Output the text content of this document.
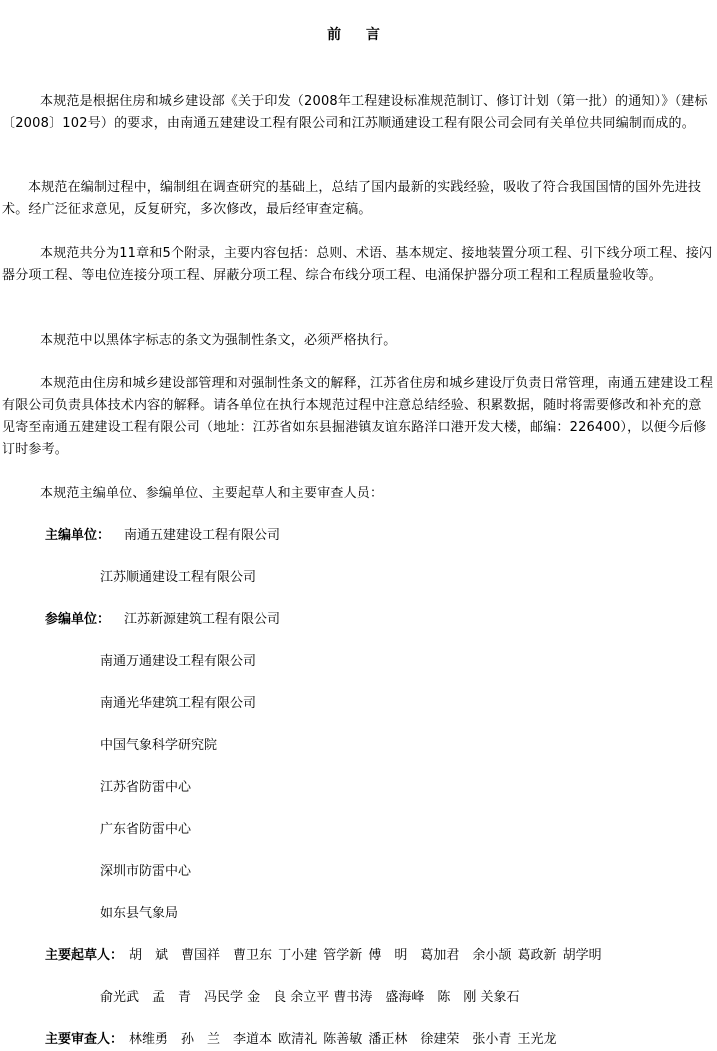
前 言

本规范是根据住房和城乡建设部《关于印发（2008年工程建设标准规范制订、修订计划（第一批）的通知）》（建标〔2008〕102号）的要求，由南通五建建设工程有限公司和江苏顺通建设工程有限公司会同有关单位共同编制而成的。

本规范在编制过程中，编制组在调查研究的基础上，总结了国内最新的实践经验，吸收了符合我国国情的国外先进技术。经广泛征求意见，反复研究，多次修改，最后经审查定稿。

本规范共分为11章和5个附录，主要内容包括：总则、术语、基本规定、接地装置分项工程、引下线分项工程、接闪器分项工程、等电位连接分项工程、屏蔽分项工程、综合布线分项工程、电涌保护器分项工程和工程质量验收等。

本规范中以黑体字标志的条文为强制性条文，必须严格执行。

本规范由住房和城乡建设部管理和对强制性条文的解释，江苏省住房和城乡建设厅负责日常管理，南通五建建设工程有限公司负责具体技术内容的解释。请各单位在执行本规范过程中注意总结经验、积累数据，随时将需要修改和补充的意见寄至南通五建建设工程有限公司（地址：江苏省如东县掘港镇友谊东路洋口港开发大楼，邮编：226400），以便今后修订时参考。

本规范主编单位、参编单位、主要起草人和主要审查人员：

主编单位： 南通五建建设工程有限公司
江苏顺通建设工程有限公司
参编单位： 江苏新源建筑工程有限公司
南通万通建设工程有限公司
南通光华建筑工程有限公司
中国气象科学研究院
江苏省防雷中心
广东省防雷中心
深圳市防雷中心
如东县气象局
主要起草人： 胡　斌　曹国祥　曹卫东 丁小建 管学新 傅　明　葛加君　余小颉 葛政新 胡学明
俞光武　孟　青　冯民学 金　良 余立平 曹书涛　盛海峰　陈　刚 关象石
主要审查人： 林维勇　孙　兰　李道本 欧清礼 陈善敏 潘正林　徐建荣　张小青 王光龙
